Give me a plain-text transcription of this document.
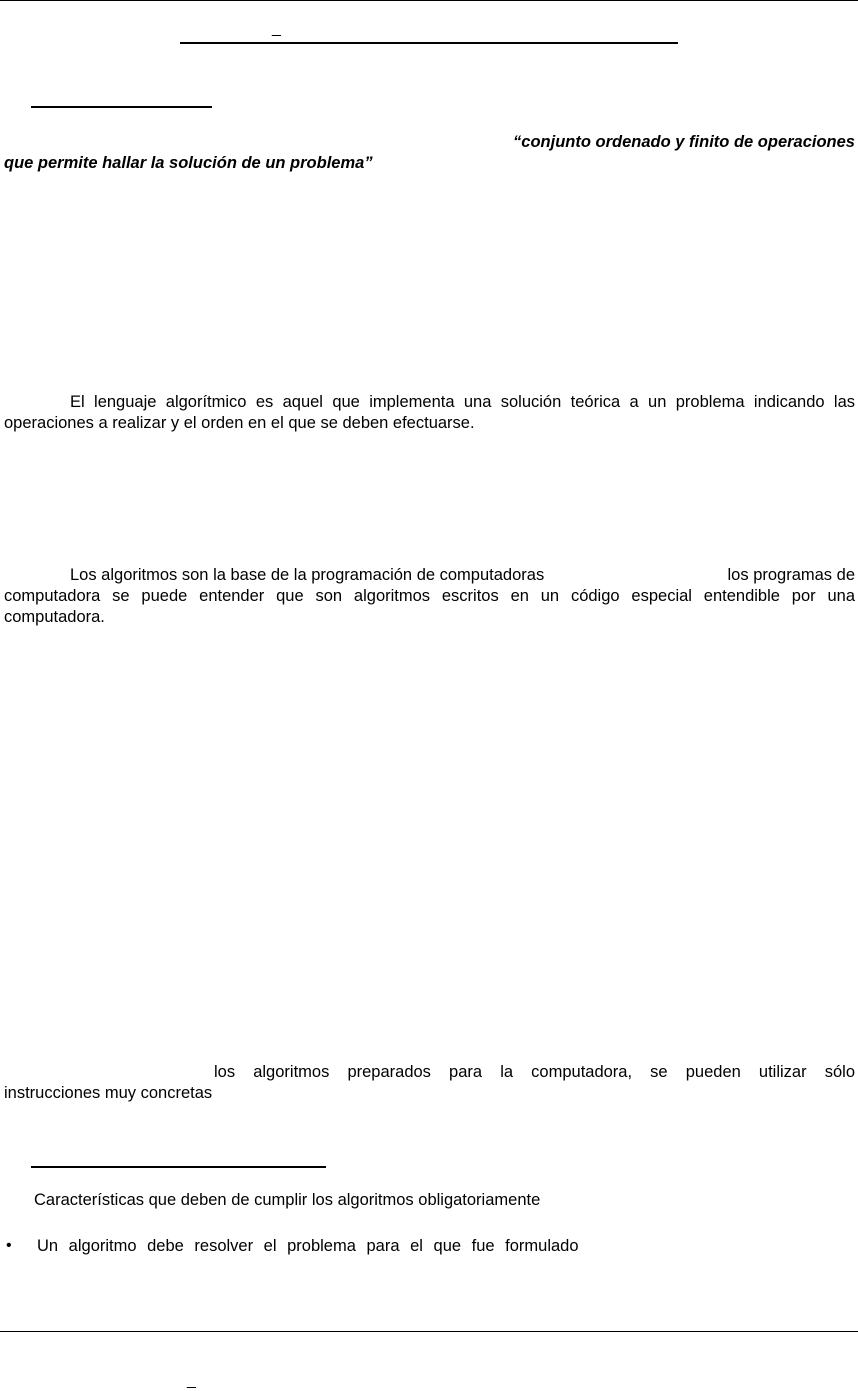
_
“conjunto ordenado y finito de operaciones
que permite hallar la solución de un problema”

El lenguaje algorítmico es aquel que implementa una solución teórica a un problema indicando las operaciones a realizar y el orden en el que se deben efectuarse.

Los algoritmos son la base de la programación de computadoras	los programas de
computadora se puede entender que son algoritmos escritos en un código especial entendible por una computadora.
los algoritmos preparados para la computadora, se pueden utilizar sólo
instrucciones muy concretas
Características que deben de cumplir los algoritmos obligatoriamente
• Un algoritmo debe resolver el problema para el que fue formulado
_
